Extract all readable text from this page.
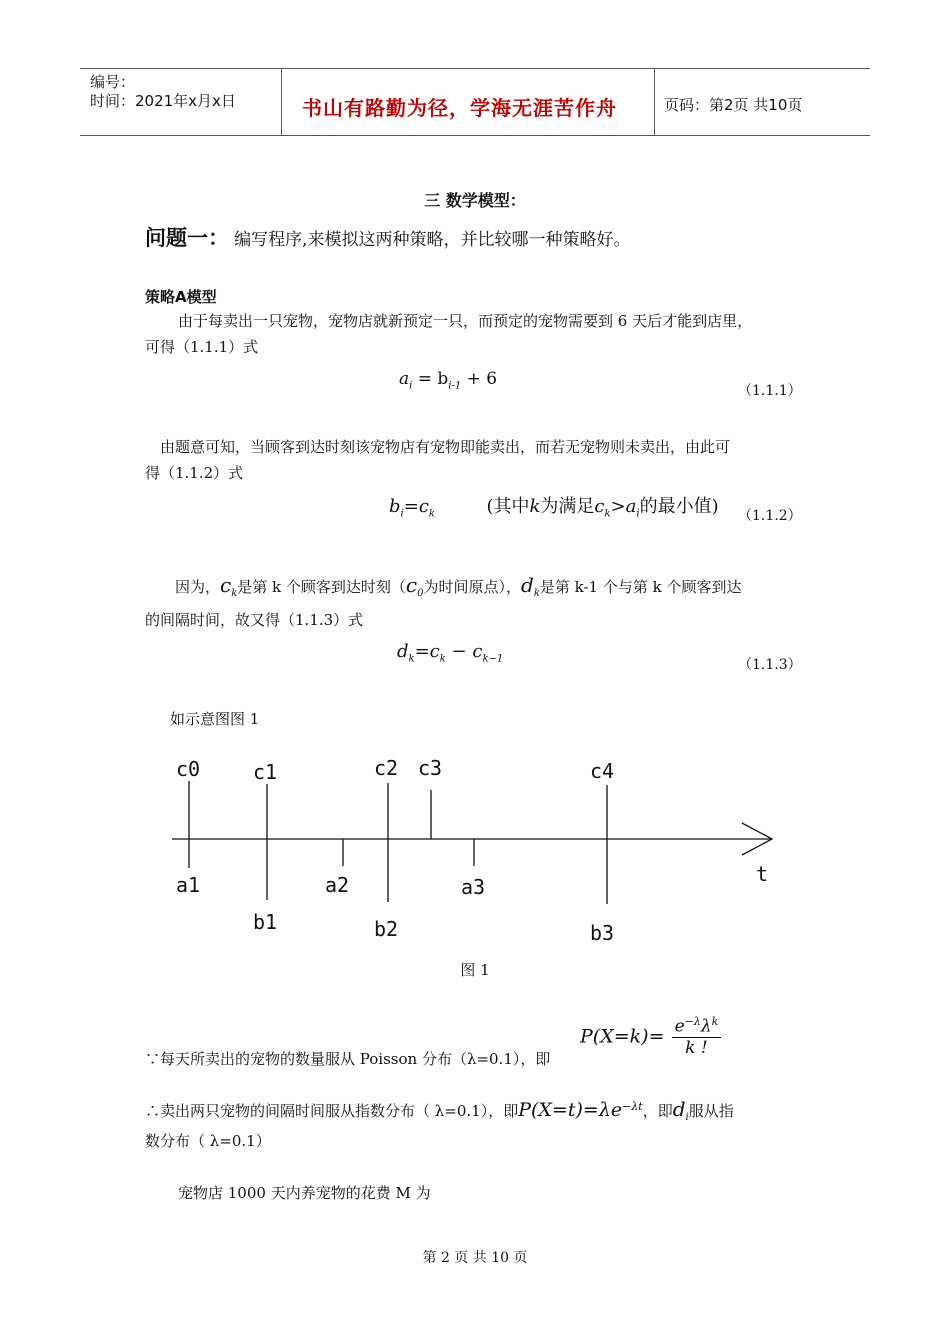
编号：
时间：2021年x月x日	书山有路勤为径，学海无涯苦作舟	页码：第2页 共10页
三 数学模型：
问题一： 编写程序,来模拟这两种策略，并比较哪一种策略好。
策略A模型
由于每卖出一只宠物，宠物店就新预定一只，而预定的宠物需要到 6 天后才能到店里，
可得（1.1.1）式
$a_i = b_{i-1} + 6$
（1.1.1）
由题意可知，当顾客到达时刻该宠物店有宠物即能卖出，而若无宠物则未卖出，由此可
得（1.1.2）式
$b_i=c_k$	(其中k为满足$c_k>a_i$的最小值) （1.1.2）
因为，$c_k$是第 k 个顾客到达时刻（$c_0$为时间原点），$d_k$是第 k-1 个与第 k 个顾客到达
的间隔时间，故又得（1.1.3）式
$d_k=c_k - c_{k-1}$	（1.1.3）
如示意图图 1
c0	c1	c2 c3	c4
a1	a2	a3
b1	b2	b3
t
图 1
$P(X=k)= e^{-\lambda}\lambda^k$
k !
∵每天所卖出的宠物的数量服从 Poisson 分布（λ=0.1），即
∴卖出两只宠物的间隔时间服从指数分布（ λ=0.1），即$P(X=t)=\lambda e^{-\lambda t}$，即$d_i$服从指
数分布（ λ=0.1）
宠物店 1000 天内养宠物的花费 M 为
第 2 页 共 10 页
